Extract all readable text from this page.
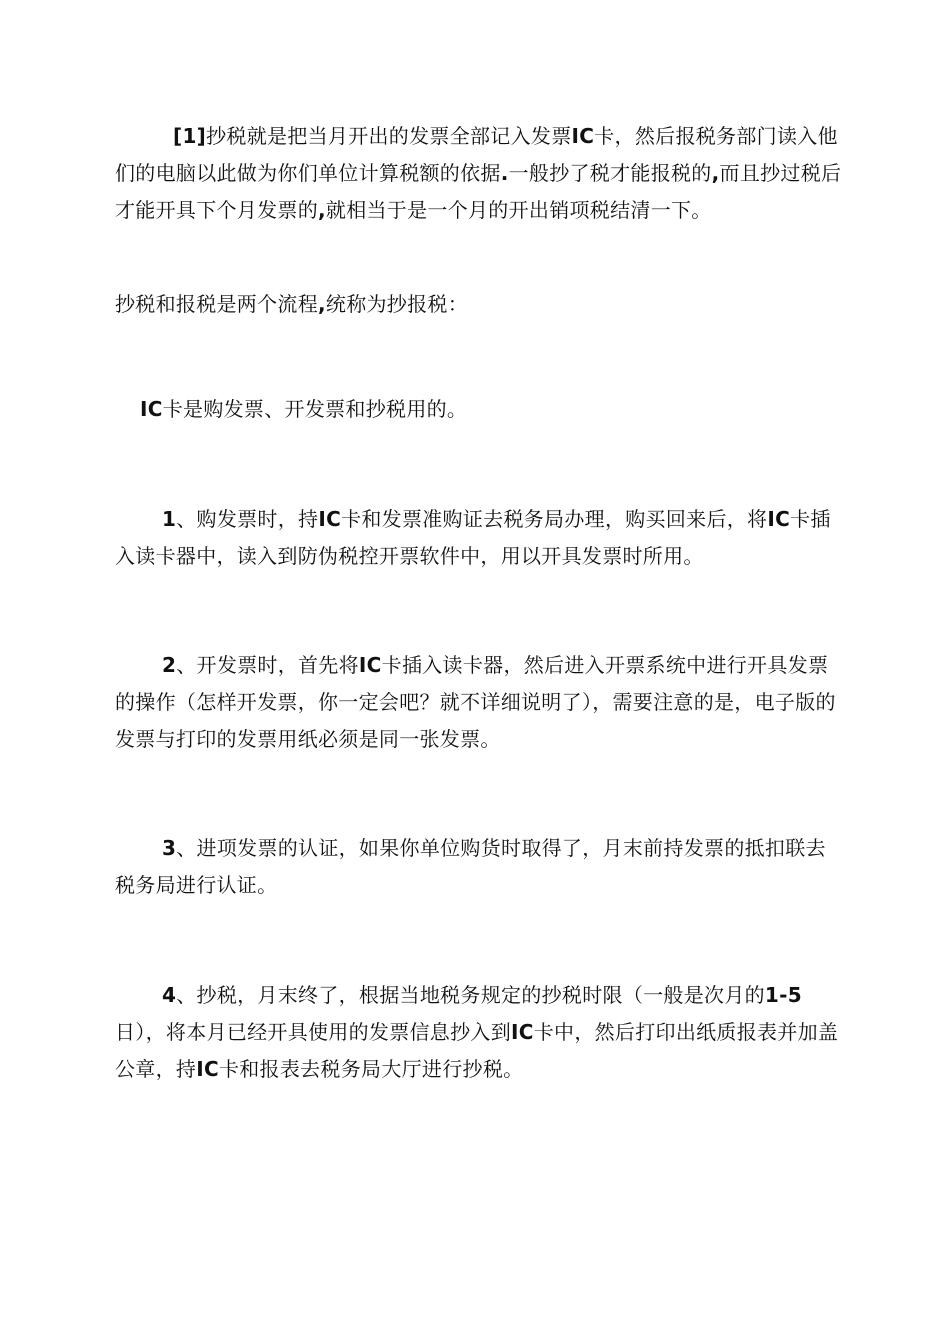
[1]抄税就是把当月开出的发票全部记入发票IC卡，然后报税务部门读入他们的电脑以此做为你们单位计算税额的依据.一般抄了税才能报税的,而且抄过税后才能开具下个月发票的,就相当于是一个月的开出销项税结清一下。

抄税和报税是两个流程,统称为抄报税：

IC卡是购发票、开发票和抄税用的。

1、购发票时，持IC卡和发票准购证去税务局办理，购买回来后，将IC卡插入读卡器中，读入到防伪税控开票软件中，用以开具发票时所用。

2、开发票时，首先将IC卡插入读卡器，然后进入开票系统中进行开具发票的操作（怎样开发票，你一定会吧？就不详细说明了），需要注意的是，电子版的发票与打印的发票用纸必须是同一张发票。

3、进项发票的认证，如果你单位购货时取得了，月末前持发票的抵扣联去税务局进行认证。

4、抄税，月末终了，根据当地税务规定的抄税时限（一般是次月的1-5日），将本月已经开具使用的发票信息抄入到IC卡中，然后打印出纸质报表并加盖公章，持IC卡和报表去税务局大厅进行抄税。
